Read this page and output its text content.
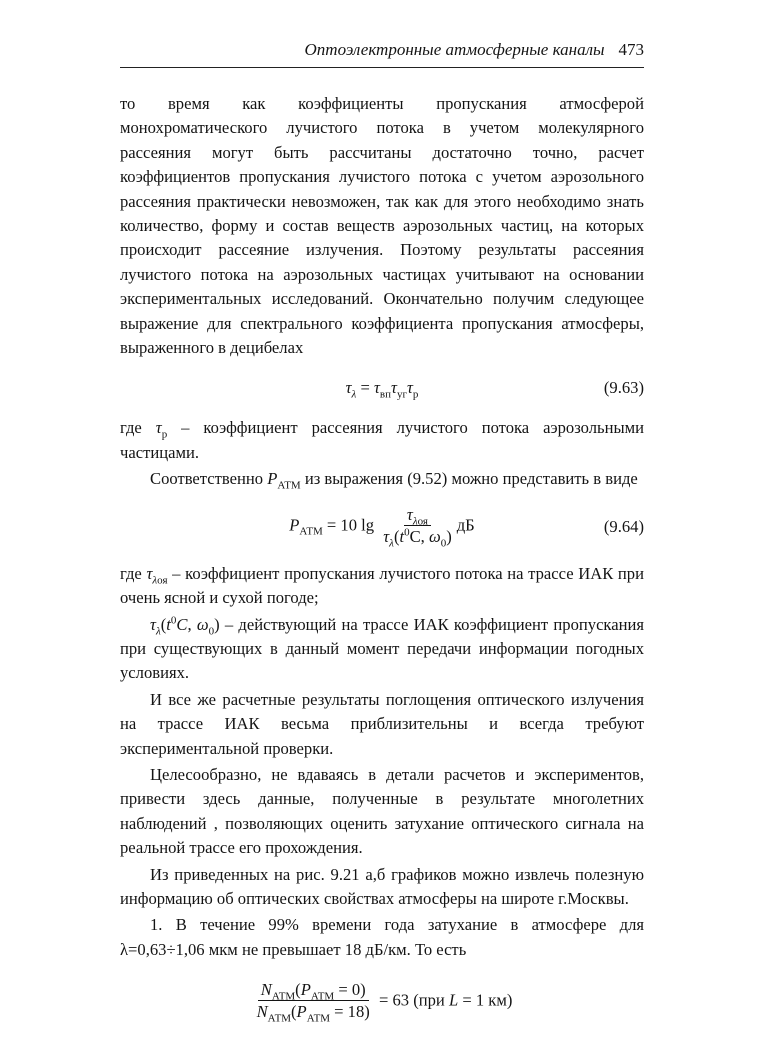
Оптоэлектронные атмосферные каналы 473

то время как коэффициенты пропускания атмосферой монохроматического лучистого потока в учетом молекулярного рассеяния могут быть рассчитаны достаточно точно, расчет коэффициентов пропускания лучистого потока с учетом аэрозольного рассеяния практически невозможен, так как для этого необходимо знать количество, форму и состав веществ аэрозольных частиц, на которых происходит рассеяние излучения. Поэтому результаты рассеяния лучистого потока на аэрозольных частицах учитывают на основании экспериментальных исследований. Окончательно получим следующее выражение для спектрального коэффициента пропускания атмосферы, выраженного в децибелах

$\tau_\lambda = \tau_{вп}\tau_{уг}\tau_р$	(9.63)

где $\tau_р$ – коэффициент рассеяния лучистого потока аэрозольными частицами.

Соответственно $P_{АТМ}$ из выражения (9.52) можно представить в виде

$P_{АТМ} = 10$ $\lg \frac{\tau_{\lambda оя}}{\tau_\lambda(t^0C, \omega_0)}$ дБ	(9.64)

где $\tau_{\lambda оя}$ – коэффициент пропускания лучистого потока на трассе ИАК при очень ясной и сухой погоде;

$\tau_\lambda(t^0C$, $\omega_0$) – действующий на трассе ИАК коэффициент пропускания при существующих в данный момент передачи информации погодных условиях.

И все же расчетные результаты поглощения оптического излучения на трассе ИАК весьма приблизительны и всегда требуют экспериментальной проверки.

Целесообразно, не вдаваясь в детали расчетов и экспериментов, привести здесь данные, полученные в результате многолетних наблюдений , позволяющих оценить затухание оптического сигнала на реальной трассе его прохождения.

Из приведенных на рис. 9.21 а,б графиков можно извлечь полезную информацию об оптических свойствах атмосферы на широте г.Москвы.

1. В течение 99% времени года затухание в атмосфере для λ=0,63÷1,06 мкм не превышает 18 дБ/км. То есть

$\frac{N_{АТМ}(P_{АТМ} = 0)}{N_{АТМ}(P_{АТМ} = 18)} = 63$ (при L = 1 км)
